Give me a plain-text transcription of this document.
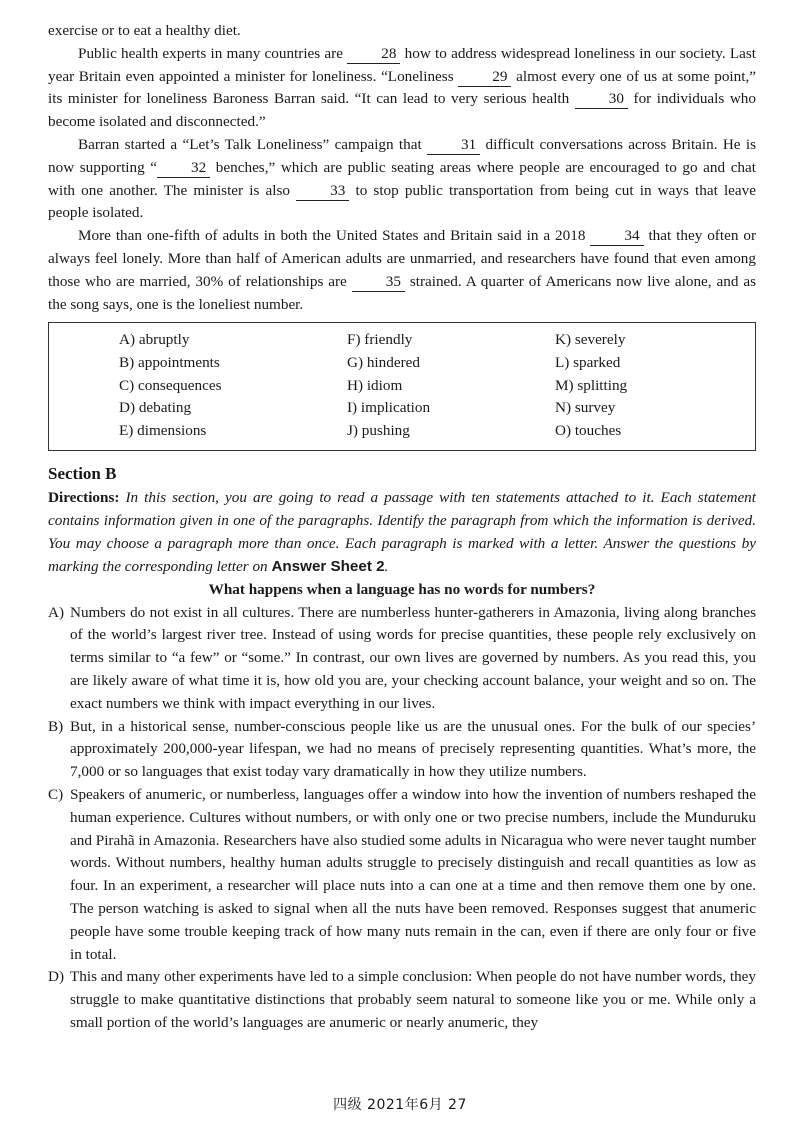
exercise or to eat a healthy diet.

Public health experts in many countries are 28 how to address widespread loneliness in our society. Last year Britain even appointed a minister for loneliness. “Loneliness 29 almost every one of us at some point,” its minister for loneliness Baroness Barran said. “It can lead to very serious health 30 for individuals who become isolated and disconnected.”

Barran started a “Let’s Talk Loneliness” campaign that 31 difficult conversations across Britain. He is now supporting “ 32 benches,” which are public seating areas where people are encouraged to go and chat with one another. The minister is also 33 to stop public transportation from being cut in ways that leave people isolated.

More than one-fifth of adults in both the United States and Britain said in a 2018 34 that they often or always feel lonely. More than half of American adults are unmarried, and researchers have found that even among those who are married, 30% of relationships are 35 strained. A quarter of Americans now live alone, and as the song says, one is the loneliest number.

A) abruptly
B) appointments
C) consequences
D) debating
E) dimensions
F) friendly
G) hindered
H) idiom
I) implication
J) pushing
K) severely
L) sparked
M) splitting
N) survey
O) touches
Section B

Directions: In this section, you are going to read a passage with ten statements attached to it. Each statement contains information given in one of the paragraphs. Identify the paragraph from which the information is derived. You may choose a paragraph more than once. Each paragraph is marked with a letter. Answer the questions by marking the corresponding letter on Answer Sheet 2.

What happens when a language has no words for numbers?
A) Numbers do not exist in all cultures. There are numberless hunter-gatherers in Amazonia, living along branches of the world’s largest river tree. Instead of using words for precise quantities, these people rely exclusively on terms similar to “a few” or “some.” In contrast, our own lives are governed by numbers. As you read this, you are likely aware of what time it is, how old you are, your checking account balance, your weight and so on. The exact numbers we think with impact everything in our lives.
B) But, in a historical sense, number-conscious people like us are the unusual ones. For the bulk of our species’ approximately 200,000-year lifespan, we had no means of precisely representing quantities. What’s more, the 7,000 or so languages that exist today vary dramatically in how they utilize numbers.
C) Speakers of anumeric, or numberless, languages offer a window into how the invention of numbers reshaped the human experience. Cultures without numbers, or with only one or two precise numbers, include the Munduruku and Pirahã in Amazonia. Researchers have also studied some adults in Nicaragua who were never taught number words. Without numbers, healthy human adults struggle to precisely distinguish and recall quantities as low as four. In an experiment, a researcher will place nuts into a can one at a time and then remove them one by one. The person watching is asked to signal when all the nuts have been removed. Responses suggest that anumeric people have some trouble keeping track of how many nuts remain in the can, even if there are only four or five in total.
D) This and many other experiments have led to a simple conclusion: When people do not have number words, they struggle to make quantitative distinctions that probably seem natural to someone like you or me. While only a small portion of the world’s languages are anumeric or nearly anumeric, they
四级 2021年6月 27
